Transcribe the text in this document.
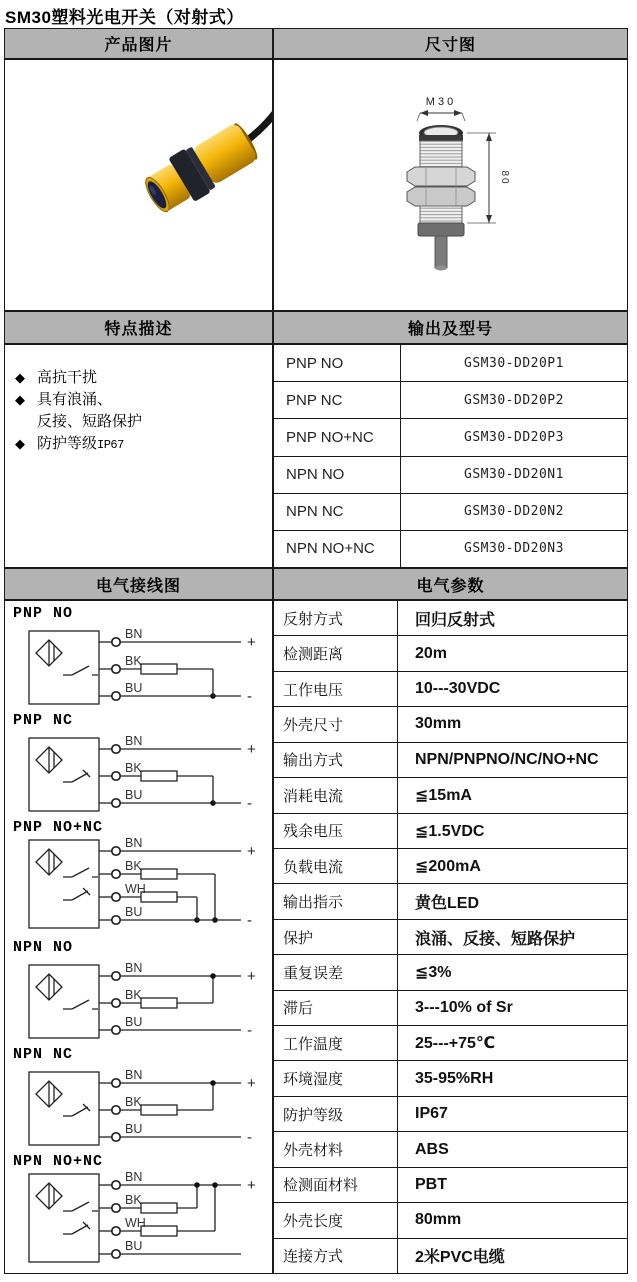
SM30塑料光电开关（对射式）
产品图片	尺寸图
M30
80
特点描述	输出及型号
◆ 高抗干扰
◆ 具有浪涌、
反接、短路保护
◆ 防护等级 IP67
PNP NO	GSM30-DD20P1
PNP NC	GSM30-DD20P2
PNP NO+NC	GSM30-DD20P3
NPN NO	GSM30-DD20N1
NPN NC	GSM30-DD20N2
NPN NO+NC	GSM30-DD20N3
电气接线图	电气参数
PNP NO
BN	+
BK
BU	-
PNP NC
BN	+
BK
BU	-
PNP NO+NC
BN	+
BK
WH
BU	-
NPN NO
BN	+
BK
BU	-
NPN NC
BN	+
BK
BU	-
NPN NO+NC
BN	+
BK
WH
BU
反射方式	回归反射式
检测距离	20m
工作电压	10---30VDC
外壳尺寸	30mm
输出方式	NPN/PNPNO/NC/NO+NC
消耗电流	≦15mA
残余电压	≦1.5VDC
负载电流	≦200mA
输出指示	黄色LED
保护	浪涌、反接、短路保护
重复误差	≦3%
滞后	3---10% of Sr
工作温度	25---+75℃
环境湿度	35-95%RH
防护等级	IP67
外壳材料	ABS
检测面材料	PBT
外壳长度	80mm
连接方式	2米PVC电缆
